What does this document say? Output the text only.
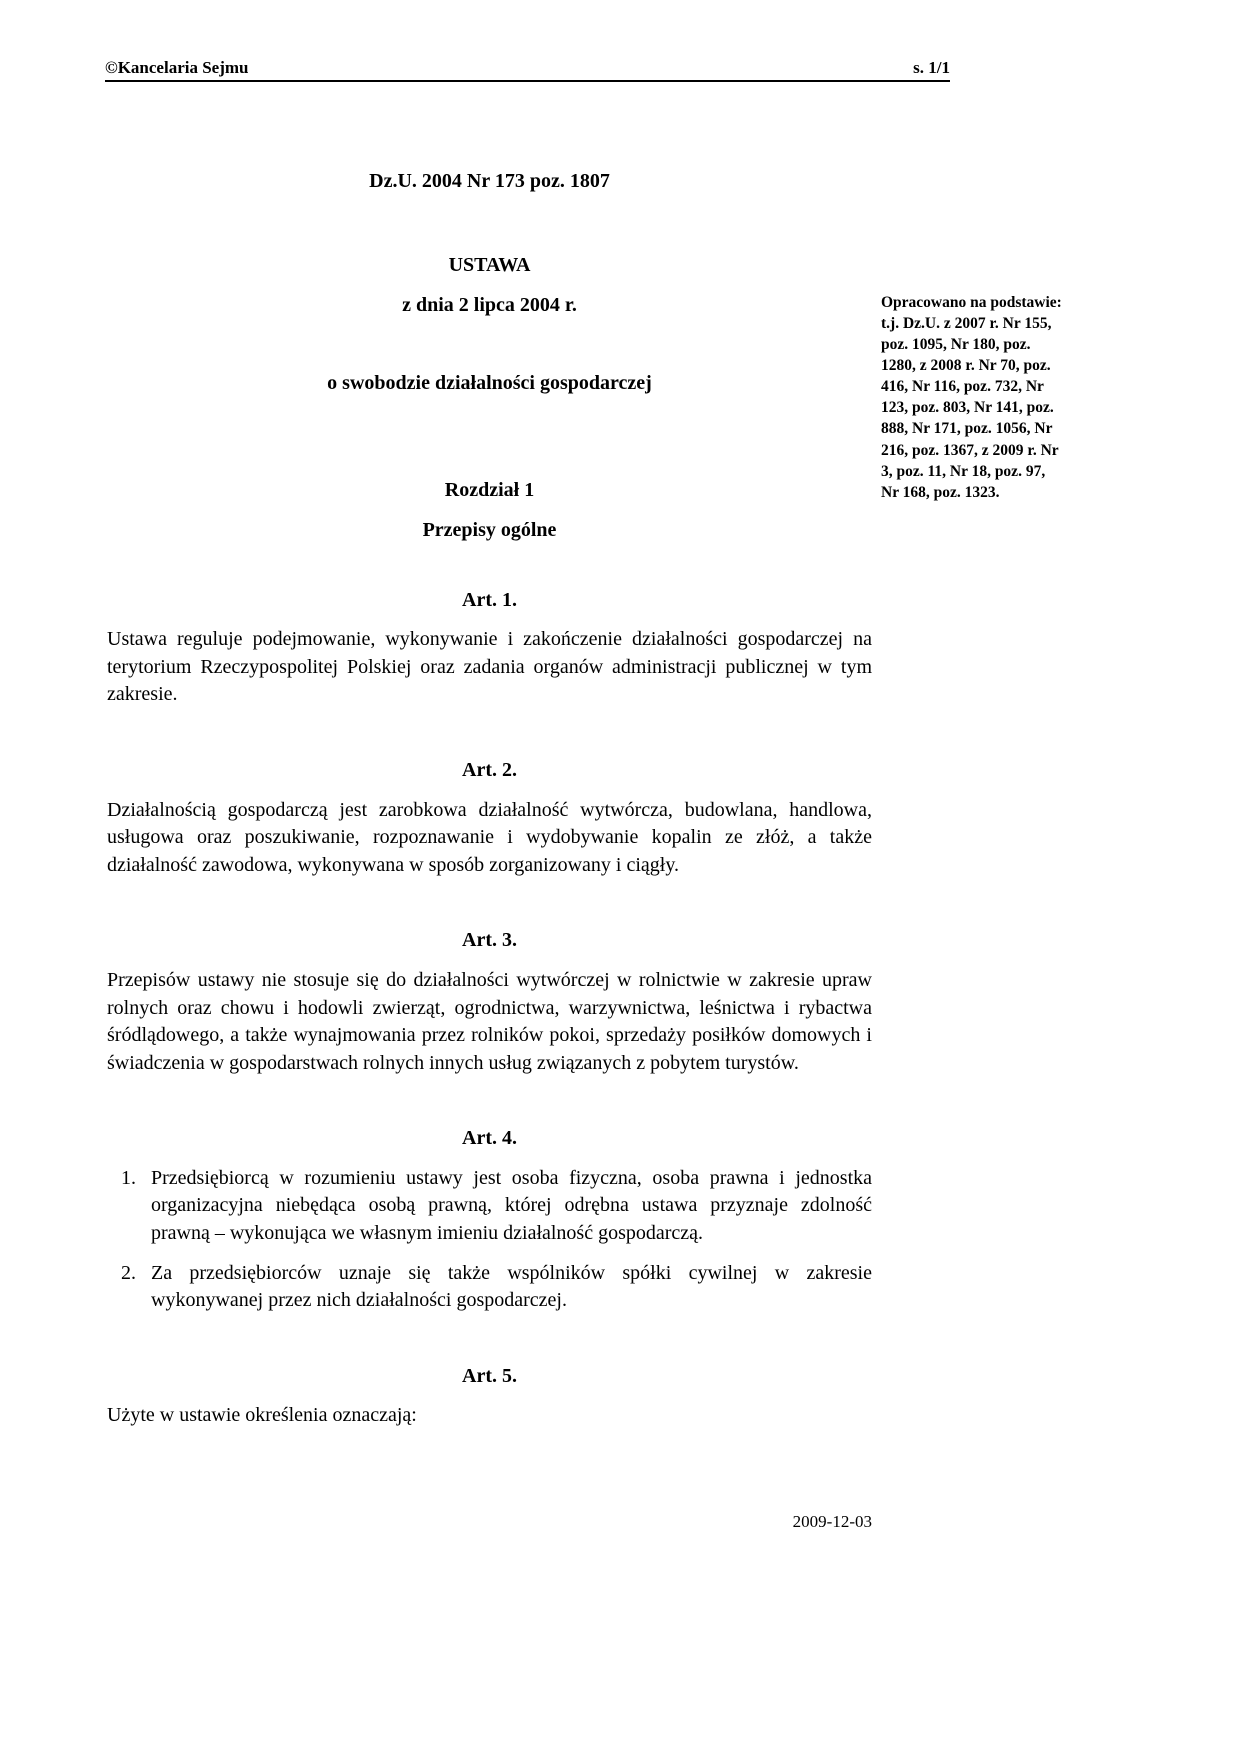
©Kancelaria Sejmu	s. 1/1

Dz.U. 2004 Nr 173 poz. 1807

USTAWA

z dnia 2 lipca 2004 r.

o swobodzie działalności gospodarczej

Rozdział 1

Przepisy ogólne

Art. 1.

Ustawa reguluje podejmowanie, wykonywanie i zakończenie działalności gospodarczej na terytorium Rzeczypospolitej Polskiej oraz zadania organów administracji publicznej w tym zakresie.

Art. 2.

Działalnością gospodarczą jest zarobkowa działalność wytwórcza, budowlana, handlowa, usługowa oraz poszukiwanie, rozpoznawanie i wydobywanie kopalin ze złóż, a także działalność zawodowa, wykonywana w sposób zorganizowany i ciągły.

Art. 3.

Przepisów ustawy nie stosuje się do działalności wytwórczej w rolnictwie w zakresie upraw rolnych oraz chowu i hodowli zwierząt, ogrodnictwa, warzywnictwa, leśnictwa i rybactwa śródlądowego, a także wynajmowania przez rolników pokoi, sprzedaży posiłków domowych i świadczenia w gospodarstwach rolnych innych usług związanych z pobytem turystów.

Art. 4.

1. Przedsiębiorcą w rozumieniu ustawy jest osoba fizyczna, osoba prawna i jednostka organizacyjna niebędąca osobą prawną, której odrębna ustawa przyznaje zdolność prawną – wykonująca we własnym imieniu działalność gospodarczą.
2. Za przedsiębiorców uznaje się także wspólników spółki cywilnej w zakresie wykonywanej przez nich działalności gospodarczej.

Art. 5.

Użyte w ustawie określenia oznaczają:

Opracowano na podstawie: t.j. Dz.U. z 2007 r. Nr 155, poz. 1095, Nr 180, poz. 1280, z 2008 r. Nr 70, poz. 416, Nr 116, poz. 732, Nr 123, poz. 803, Nr 141, poz. 888, Nr 171, poz. 1056, Nr 216, poz. 1367, z 2009 r. Nr 3, poz. 11, Nr 18, poz. 97, Nr 168, poz. 1323.
2009-12-03
